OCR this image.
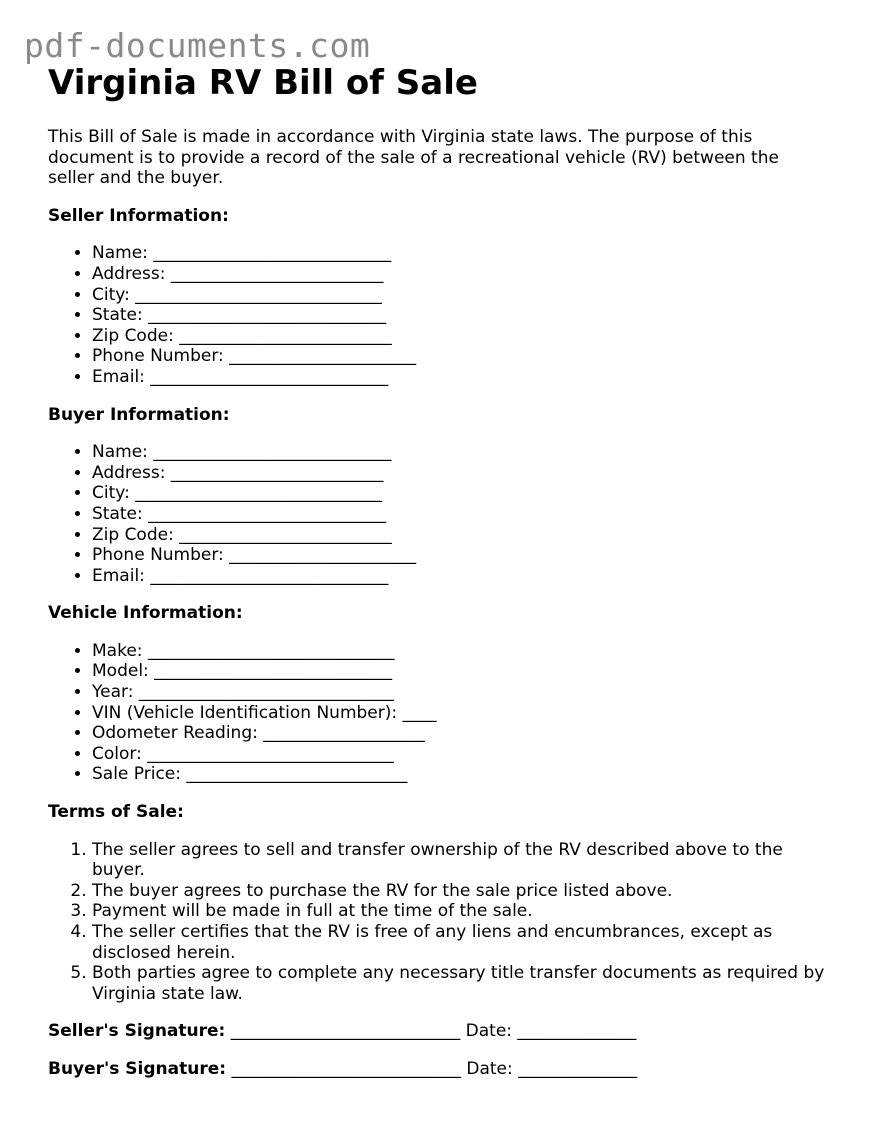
pdf-documents.com
Virginia RV Bill of Sale

This Bill of Sale is made in accordance with Virginia state laws. The purpose of this document is to provide a record of the sale of a recreational vehicle (RV) between the seller and the buyer.

Seller Information:
• Name: ____________________________
• Address: _________________________
• City: _____________________________
• State: ____________________________
• Zip Code: _________________________
• Phone Number: ______________________
• Email: ____________________________
Buyer Information:
• Name: ____________________________
• Address: _________________________
• City: _____________________________
• State: ____________________________
• Zip Code: _________________________
• Phone Number: ______________________
• Email: ____________________________
Vehicle Information:
• Make: _____________________________
• Model: ____________________________
• Year: ______________________________
• VIN (Vehicle Identification Number): ____
• Odometer Reading: ___________________
• Color: _____________________________
• Sale Price: __________________________
Terms of Sale:
1. The seller agrees to sell and transfer ownership of the RV described above to the buyer.
2. The buyer agrees to purchase the RV for the sale price listed above.
3. Payment will be made in full at the time of the sale.
4. The seller certifies that the RV is free of any liens and encumbrances, except as disclosed herein.
5. Both parties agree to complete any necessary title transfer documents as required by Virginia state law.
Seller's Signature: ___________________________ Date: ______________
Buyer's Signature: ___________________________ Date: ______________
